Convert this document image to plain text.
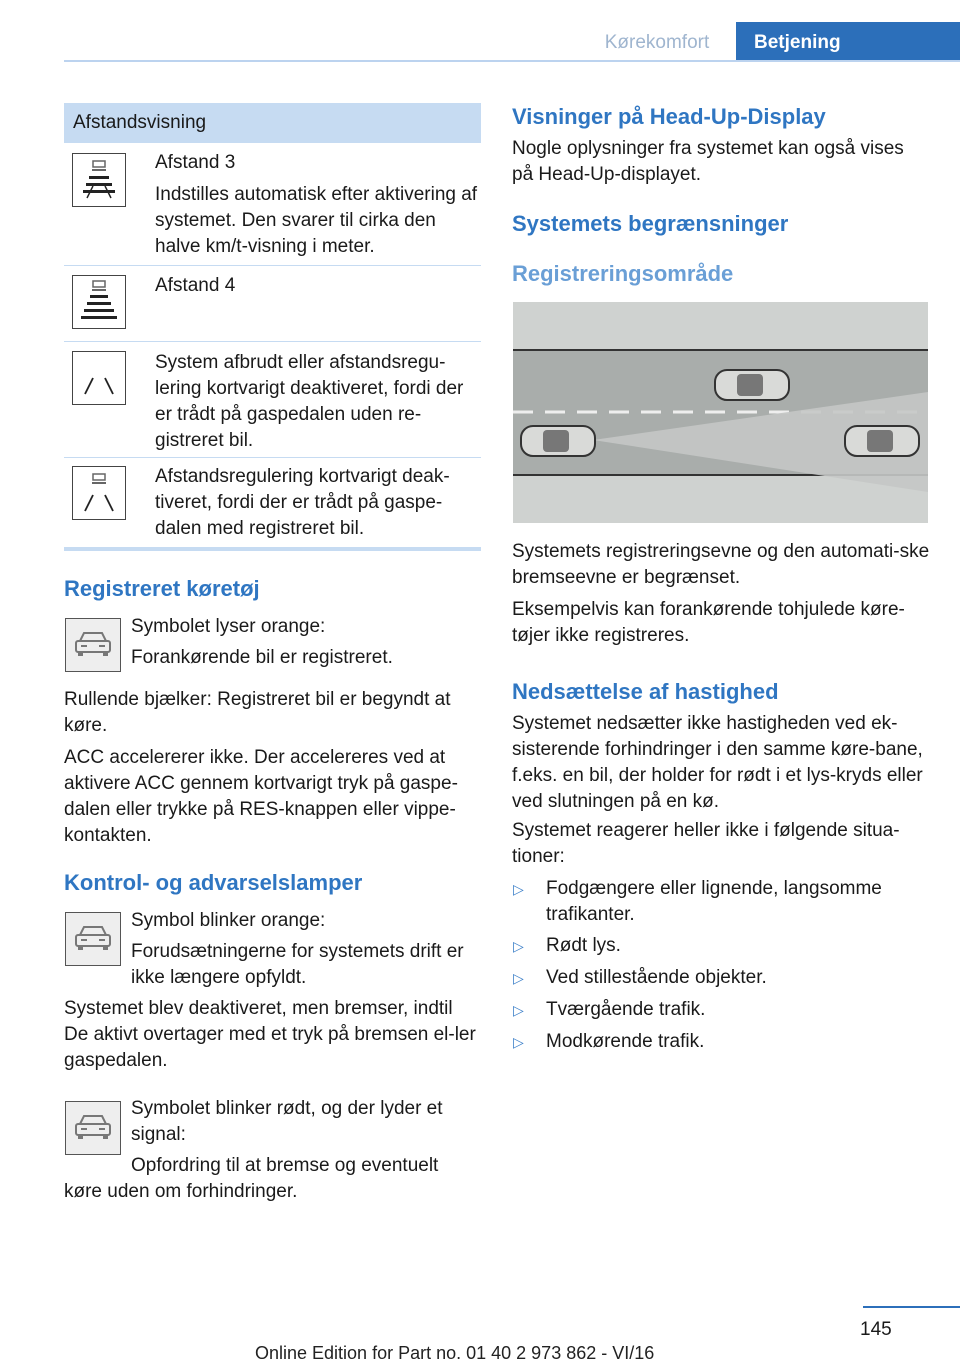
Kørekomfort	Betjening
Afstandsvisning

Afstand 3

Indstilles automatisk efter aktivering af systemet. Den svarer til cirka den halve km/t-visning i meter.

Afstand 4

System afbrudt eller afstandsregu-lering kortvarigt deaktiveret, fordi der er trådt på gaspedalen uden re-gistreret bil.

Afstandsregulering kortvarigt deak-tiveret, fordi der er trådt på gaspe-dalen med registreret bil.

Registreret køretøj
Symbolet lyser orange:
Forankørende bil er registreret.
Rullende bjælker: Registreret bil er begyndt at køre.
ACC accelererer ikke. Der accelereres ved at aktivere ACC gennem kortvarigt tryk på gaspe-dalen eller trykke på RES-knappen eller vippe-kontakten.
Kontrol- og advarselslamper
Symbol blinker orange:
Forudsætningerne for systemets drift er ikke længere opfyldt.
Systemet blev deaktiveret, men bremser, indtil De aktivt overtager med et tryk på bremsen el-ler gaspedalen.
Symbolet blinker rødt, og der lyder et signal:
Opfordring til at bremse og eventuelt køre uden om forhindringer.
Visninger på Head-Up-Display
Nogle oplysninger fra systemet kan også vises på Head-Up-displayet.
Systemets begrænsninger
Registreringsområde
Systemets registreringsevne og den automati-ske bremseevne er begrænset.
Eksempelvis kan forankørende tohjulede køre-tøjer ikke registreres.
Nedsættelse af hastighed
Systemet nedsætter ikke hastigheden ved ek-sisterende forhindringer i den samme køre-bane, f.eks. en bil, der holder for rødt i et lys-kryds eller ved slutningen på en kø.
Systemet reagerer heller ikke i følgende situa-tioner:
▷ Fodgængere eller lignende, langsomme trafikanter.
▷ Rødt lys.
▷ Ved stillestående objekter.
▷ Tværgående trafik.
▷ Modkørende trafik.
145
Online Edition for Part no. 01 40 2 973 862 - VI/16
